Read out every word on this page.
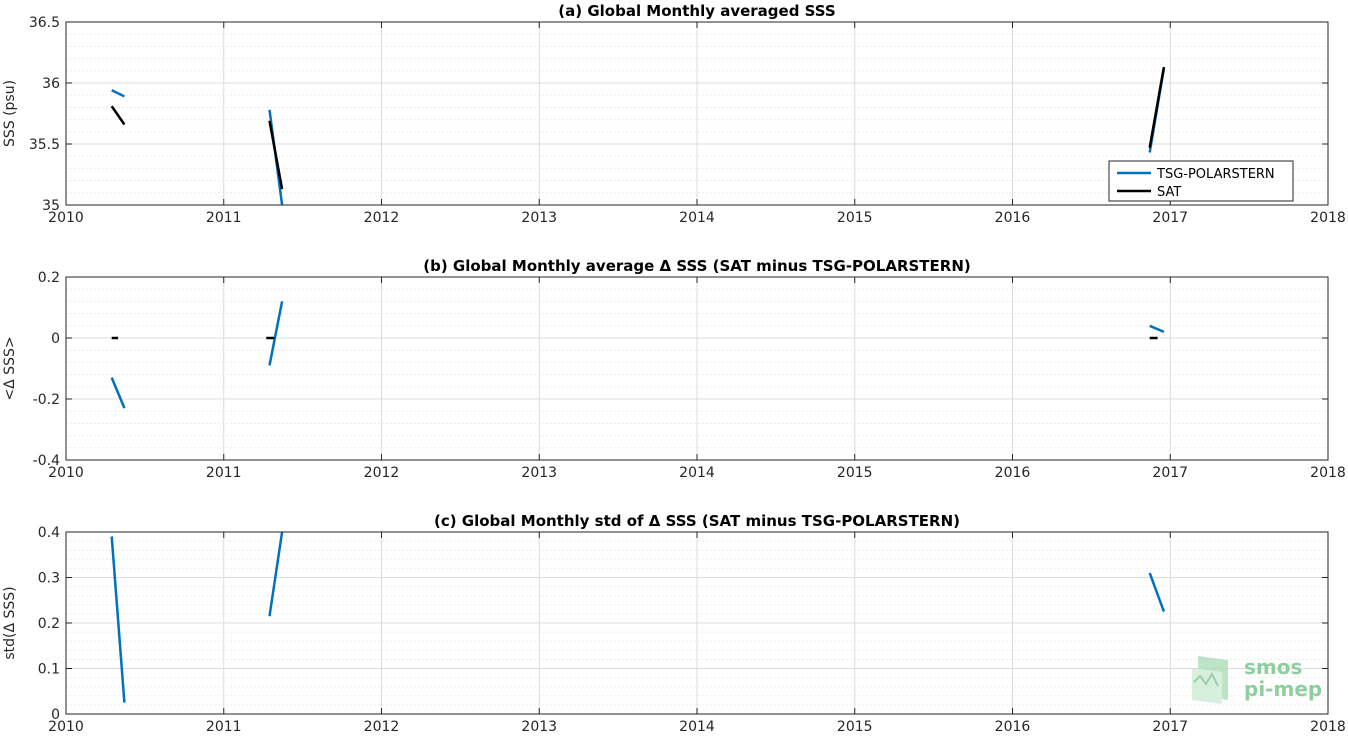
2010	2011	2012	2013	2014	2015	2016	2017	2018
35
35.5
36
36.5
(a) Global Monthly averaged SSS
SSS (psu)
TSG-POLARSTERN
SAT
2010	2011	2012	2013	2014	2015	2016	2017	2018
-0.4
-0.2
0
0.2
(b) Global Monthly average Δ SSS (SAT minus TSG-POLARSTERN)
<Δ SSS>
2010	2011	2012	2013	2014	2015	2016	2017	2018
0
0.1
0.2
0.3
0.4
(c) Global Monthly std of Δ SSS (SAT minus TSG-POLARSTERN)
std(Δ SSS)
smos
pi-mep
